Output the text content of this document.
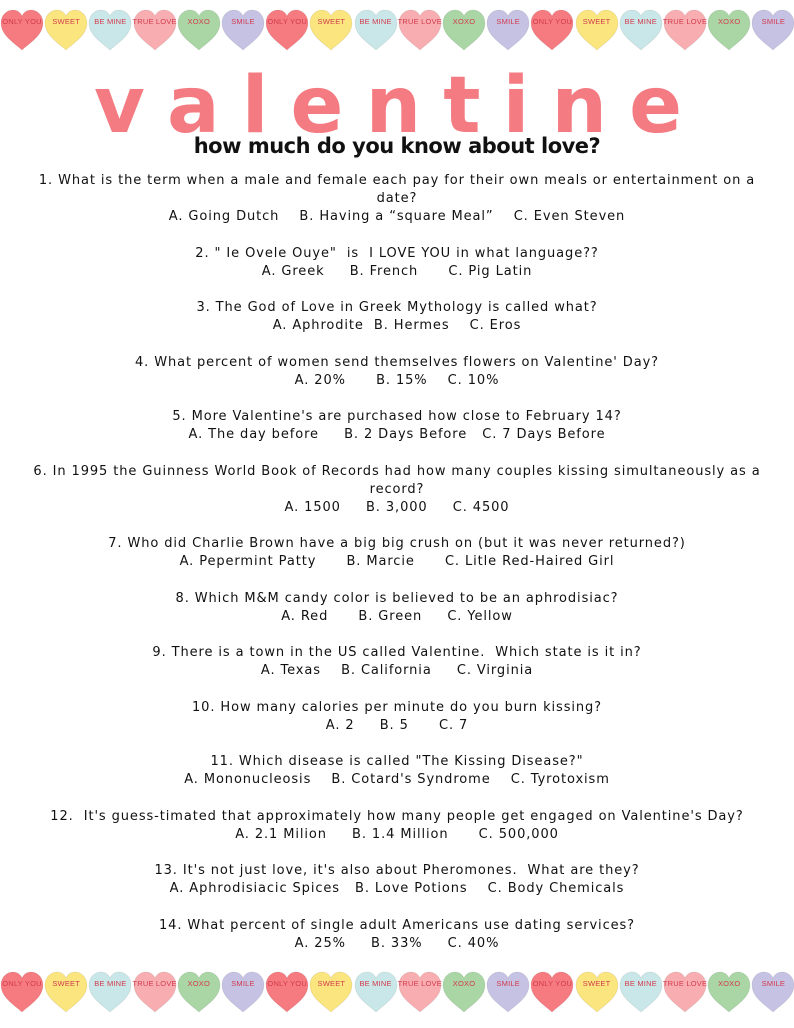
ONLY YOU	SWEET	BE MINE TRUE LOVE	XOXO	SMILE	ONLY YOU	SWEET	BE MINE TRUE LOVE	XOXO	SMILE	ONLY YOU	SWEET	BE MINE TRUE LOVE	XOXO	SMILE
valentine
how much do you know about love?

1. What is the term when a male and female each pay for their own meals or entertainment on a date?

A. Going Dutch    B. Having a “square Meal”    C. Even Steven

2. " Ie Ovele Ouye"  is  I LOVE YOU in what language??

A. Greek     B. French      C. Pig Latin

3. The God of Love in Greek Mythology is called what?

A. Aphrodite  B. Hermes    C. Eros

4. What percent of women send themselves flowers on Valentine' Day?

A. 20%      B. 15%    C. 10%

5. More Valentine's are purchased how close to February 14?

A. The day before     B. 2 Days Before   C. 7 Days Before

6. In 1995 the Guinness World Book of Records had how many couples kissing simultaneously as a record?

A. 1500     B. 3,000     C. 4500

7. Who did Charlie Brown have a big big crush on (but it was never returned?)

A. Pepermint Patty      B. Marcie      C. Litle Red-Haired Girl

8. Which M&M candy color is believed to be an aphrodisiac?

A. Red      B. Green     C. Yellow

9. There is a town in the US called Valentine.  Which state is it in?

A. Texas    B. California     C. Virginia

10. How many calories per minute do you burn kissing?

A. 2     B. 5      C. 7

11. Which disease is called "The Kissing Disease?"

A. Mononucleosis    B. Cotard's Syndrome    C. Tyrotoxism

12.  It's guess-timated that approximately how many people get engaged on Valentine's Day?

A. 2.1 Milion     B. 1.4 Million      C. 500,000

13. It's not just love, it's also about Pheromones.  What are they?

A. Aphrodisiacic Spices   B. Love Potions    C. Body Chemicals

14. What percent of single adult Americans use dating services?

A. 25%     B. 33%     C. 40%

ONLY YOU	SWEET	BE MINE TRUE LOVE	XOXO	SMILE	ONLY YOU	SWEET	BE MINE TRUE LOVE	XOXO	SMILE	ONLY YOU	SWEET	BE MINE TRUE LOVE	XOXO	SMILE
